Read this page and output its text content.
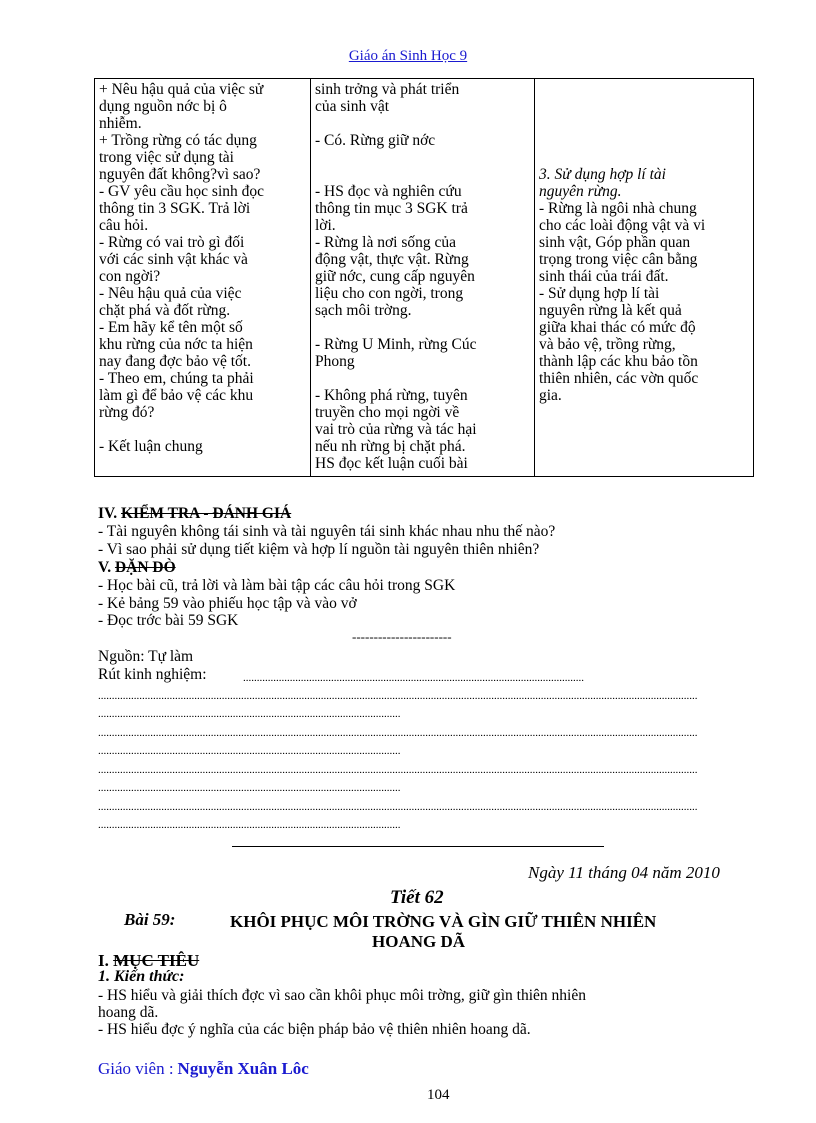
Giáo án Sinh Học 9
+ Nêu hậu quả của việc sử
dụng nguồn nớc bị ô
nhiễm.
+ Trồng rừng có tác dụng
trong việc sử dụng tài
nguyên đất không?vì sao?
- GV yêu cầu học sinh đọc
thông tin 3 SGK. Trả lời
câu hỏi.
- Rừng có vai trò gì đối
với các sinh vật khác và
con ngời?
- Nêu hậu quả của việc
chặt phá và đốt rừng.
- Em hãy kể tên một số
khu rừng của nớc ta hiện
nay đang đợc bảo vệ tốt.
- Theo em, chúng ta phải
làm gì để bảo vệ các khu
rừng đó?
- Kết luận chung

sinh trởng và phát triển
của sinh vật
- Có. Rừng giữ nớc
- HS đọc và nghiên cứu
thông tin mục 3 SGK trả
lời.
- Rừng là nơi sống của
động vật, thực vật. Rừng
giữ nớc, cung cấp nguyên
liệu cho con ngời, trong
sạch môi trờng.
- Rừng U Minh, rừng Cúc
Phong
- Không phá rừng, tuyên
truyền cho mọi ngời về
vai trò của rừng và tác hại
nếu nh rừng bị chặt phá.
HS đọc kết luận cuối bài

3. Sử dụng hợp lí tài
nguyên rừng.
- Rừng là ngôi nhà chung
cho các loài động vật và vi
sinh vật, Góp phần quan
trọng trong việc cân bằng
sinh thái của trái đất.
- Sử dụng hợp lí tài
nguyên rừng là kết quả
giữa khai thác có mức độ
và bảo vệ, trồng rừng,
thành lập các khu bảo tồn
thiên nhiên, các vờn quốc
gia.
IV. KIỂM TRA - ĐÁNH GIÁ
- Tài nguyên không tái sinh và tài nguyên tái sinh khác nhau nhu thế nào?
- Vì sao phải sử dụng tiết kiệm và hợp lí nguồn tài nguyên thiên nhiên?
V. DẶN DÒ
- Học bài cũ, trả lời và làm bài tập các câu hỏi trong SGK
- Kẻ bảng 59 vào phiếu học tập và vào vở
- Đọc trớc bài 59 SGK
-----------------------
Nguồn: Tự làm
Rút kinh nghiệm:	............................................................................................................................
..........................................................................................................................................................................................................................
..............................................................................................................
..........................................................................................................................................................................................................................
..............................................................................................................
..........................................................................................................................................................................................................................
..............................................................................................................
..........................................................................................................................................................................................................................
..............................................................................................................
Ngày 11 tháng 04 năm 2010
Tiết 62
Bài 59:	KHÔI PHỤC MÔI TRỜNG VÀ GÌN GIỮ THIÊN NHIÊN
HOANG DÃ
I. MỤC TIÊU
1. Kiến thức:
- HS hiểu và giải thích đợc vì sao cần khôi phục môi trờng, giữ gìn thiên nhiên
hoang dã.
- HS hiểu đợc ý nghĩa của các biện pháp bảo vệ thiên nhiên hoang dã.
Giáo viên : Nguyễn Xuân Lôc
104
